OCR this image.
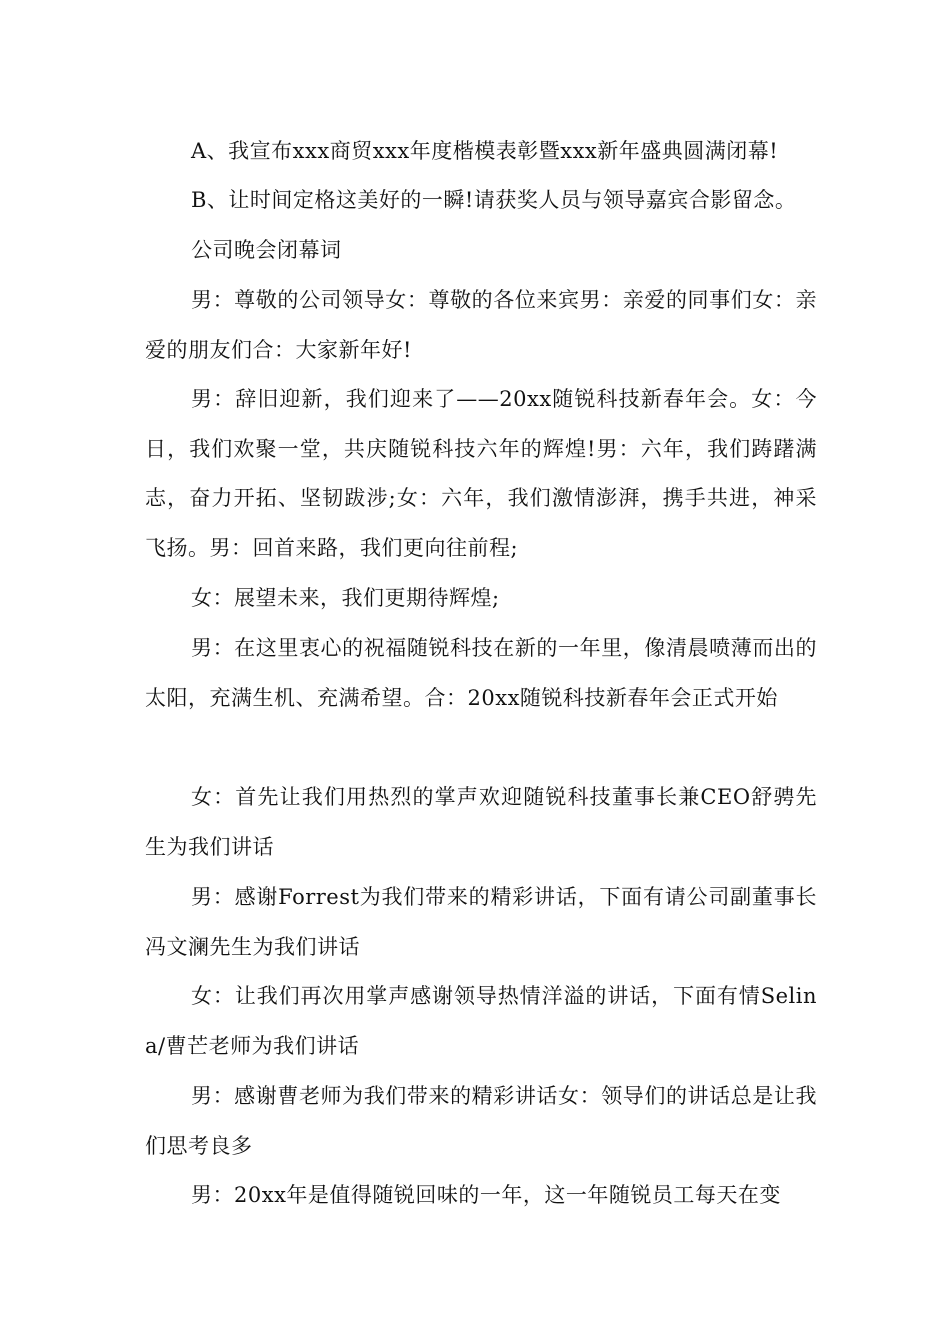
A、我宣布xxx商贸xxx年度楷模表彰暨xxx新年盛典圆满闭幕!

B、让时间定格这美好的一瞬!请获奖人员与领导嘉宾合影留念。

公司晚会闭幕词

男：尊敬的公司领导女：尊敬的各位来宾男：亲爱的同事们女：亲爱的朋友们合：大家新年好!

男：辞旧迎新，我们迎来了——20xx随锐科技新春年会。女：今日，我们欢聚一堂，共庆随锐科技六年的辉煌!男：六年，我们踌躇满志，奋力开拓、坚韧跋涉;女：六年，我们激情澎湃，携手共进，神采飞扬。男：回首来路，我们更向往前程;

女：展望未来，我们更期待辉煌;

男：在这里衷心的祝福随锐科技在新的一年里，像清晨喷薄而出的太阳，充满生机、充满希望。合：20xx随锐科技新春年会正式开始

女：首先让我们用热烈的掌声欢迎随锐科技董事长兼CEO舒骋先生为我们讲话

男：感谢Forrest为我们带来的精彩讲话，下面有请公司副董事长冯文澜先生为我们讲话

女：让我们再次用掌声感谢领导热情洋溢的讲话，下面有情Selina/曹芒老师为我们讲话

男：感谢曹老师为我们带来的精彩讲话女：领导们的讲话总是让我们思考良多

男：20xx年是值得随锐回味的一年，这一年随锐员工每天在变
